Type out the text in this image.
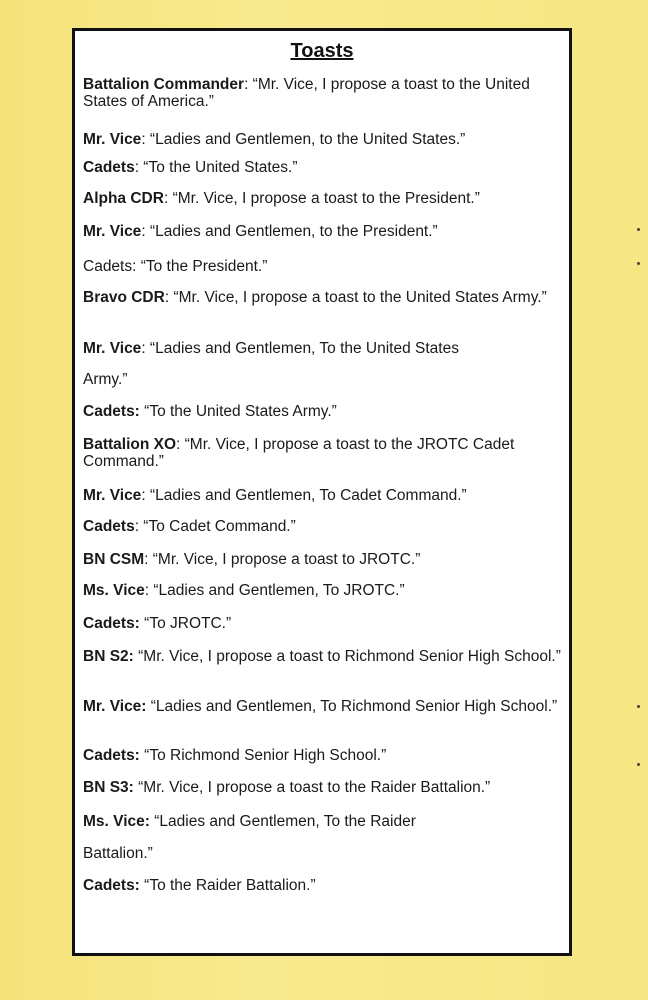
Toasts
Battalion Commander: “Mr. Vice, I propose a toast to the United States of America.”
Mr. Vice: “Ladies and Gentlemen, to the United States.”
Cadets: “To the United States.”
Alpha CDR: “Mr. Vice, I propose a toast to the President.”
Mr. Vice: “Ladies and Gentlemen, to the President.”
Cadets: “To the President.”
Bravo CDR: “Mr. Vice, I propose a toast to the United States Army.”
Mr. Vice: “Ladies and Gentlemen, To the United States
Army.”
Cadets: “To the United States Army.”
Battalion XO: “Mr. Vice, I propose a toast to the JROTC Cadet Command.”
Mr. Vice: “Ladies and Gentlemen, To Cadet Command.”
Cadets: “To Cadet Command.”
BN CSM: “Mr. Vice, I propose a toast to JROTC.”
Ms. Vice: “Ladies and Gentlemen, To JROTC.”
Cadets: “To JROTC.”
BN S2: “Mr. Vice, I propose a toast to Richmond Senior High School.”
Mr. Vice: “Ladies and Gentlemen, To Richmond Senior High School.”
Cadets: “To Richmond Senior High School.”
BN S3: “Mr. Vice, I propose a toast to the Raider Battalion.”
Ms. Vice: “Ladies and Gentlemen, To the Raider
Battalion.”
Cadets: “To the Raider Battalion.”
